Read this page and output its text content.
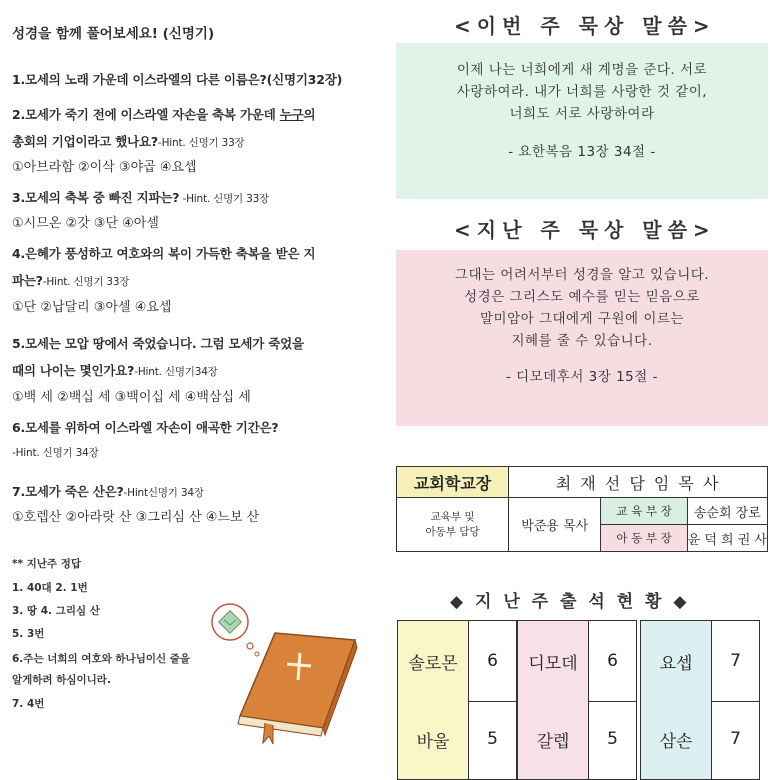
성경을 함께 풀어보세요! (신명기)
1.모세의 노래 가운데 이스라엘의 다른 이름은?(신명기32장)
2.모세가 죽기 전에 이스라엘 자손을 축복 가운데 누구의
총회의 기업이라고 했나요?-Hint. 신명기 33장
①아브라함 ②이삭 ③야곱 ④요셉
3.모세의 축복 중 빠진 지파는? -Hint. 신명기 33장
①시므온 ②갓 ③단 ④아셀
4.은혜가 풍성하고 여호와의 복이 가득한 축복을 받은 지
파는?-Hint. 신명기 33장
①단 ②납달리 ③아셀 ④요셉
5.모세는 모압 땅에서 죽었습니다. 그럼 모세가 죽었을
때의 나이는 몇인가요?-Hint. 신명기34장
①백 세 ②백십 세 ③백이십 세 ④백삼십 세
6.모세를 위하여 이스라엘 자손이 애곡한 기간은?
-Hint. 신명기 34장
7.모세가 죽은 산은?-Hint신명기 34장
①호렙산 ②아라랏 산 ③그리심 산 ④느보 산
** 지난주 정답
1. 40대 2. 1번
3. 땅 4. 그리심 산
5. 3번
6.주는 너희의 여호와 하나님이신 줄을
알게하려 하심이니라.
7. 4번
<이번 주 묵상 말씀>
이제 나는 너희에게 새 계명을 준다. 서로
사랑하여라. 내가 너희를 사랑한 것 같이,
너희도 서로 사랑하여라
- 요한복음 13장 34절 -
<지난 주 묵상 말씀>
그대는 어려서부터 성경을 알고 있습니다.
성경은 그리스도 예수를 믿는 믿음으로
말미암아 그대에게 구원에 이르는
지혜를 줄 수 있습니다.
- 디모데후서 3장 15절 -
교회학교장	최 재 선 담 임 목 사		

교육부 및
아동부 담당	박준용 목사	교 육 부 장	송순회 장로
		아 동 부 장	윤 덕 희 권 사
◆ 지 난 주 출 석 현 황 ◆
솔로몬	6	디모데	6	요셉	7
바울	5	갈렙	5	삼손	7
